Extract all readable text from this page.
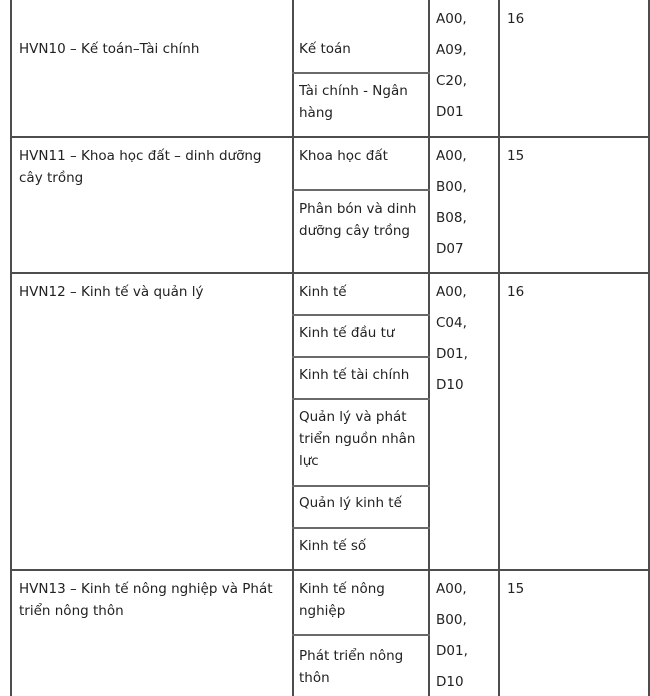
HVN10 – Kế toán–Tài chính	Kế toán
Tài chính - Ngân hàng
A00,
A09,
C20,
D01
16
HVN11 – Khoa học đất – dinh dưỡng cây trồng
Khoa học đất
Phân bón và dinh dưỡng cây trồng
A00,
B00,
B08,
D07
15
HVN12 – Kinh tế và quản lý	Kinh tế
Kinh tế đầu tư
Kinh tế tài chính
Quản lý và phát triển nguồn nhân lực
Quản lý kinh tế
Kinh tế số
A00,
C04,
D01,
D10
16
HVN13 – Kinh tế nông nghiệp và Phát triển nông thôn
Kinh tế nông nghiệp
Phát triển nông thôn
A00,
B00,
D01,
D10
15
